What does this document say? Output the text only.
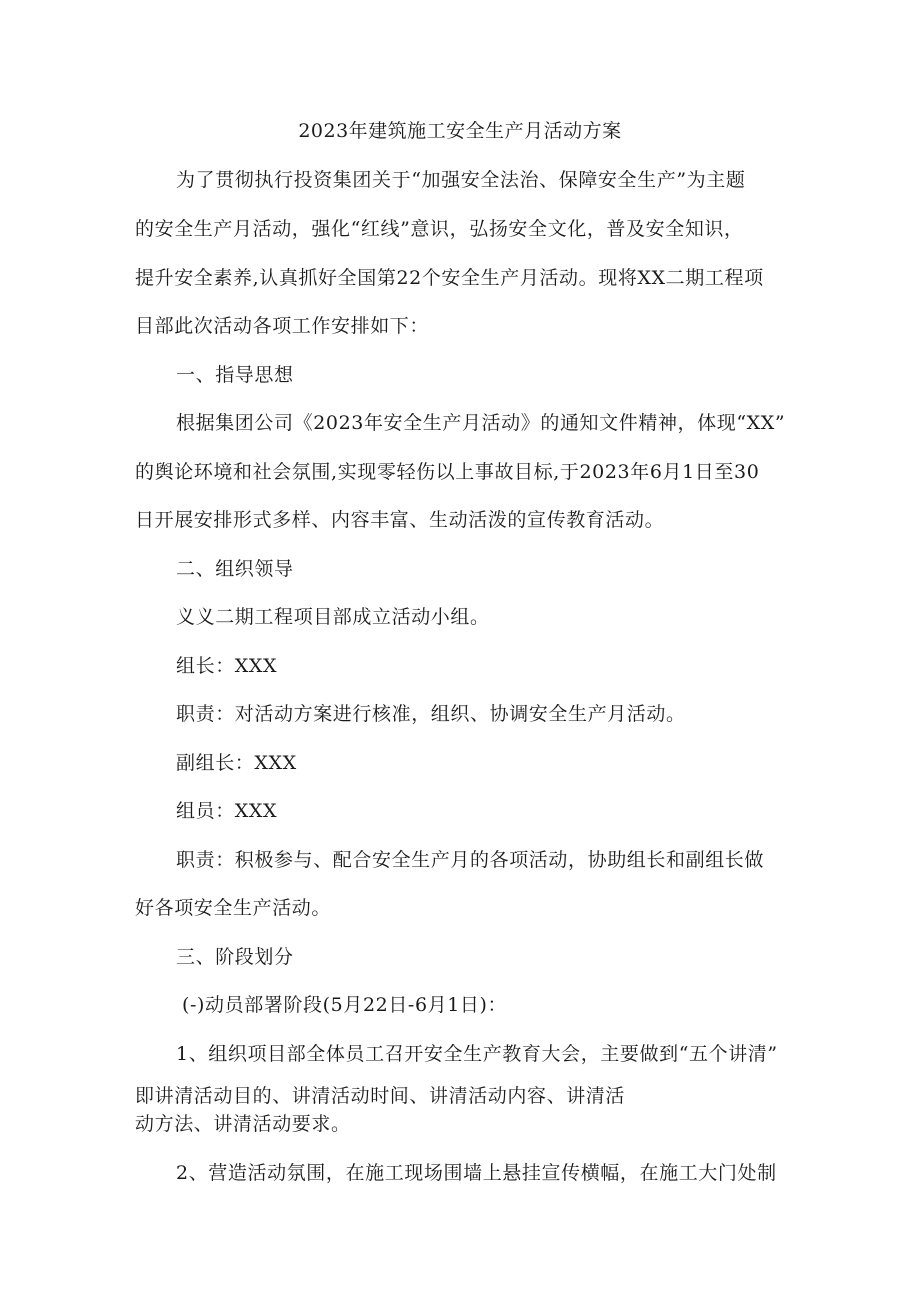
2023年建筑施工安全生产月活动方案
为了贯彻执行投资集团关于“加强安全法治、保障安全生产”为主题
的安全生产月活动，强化“红线”意识，弘扬安全文化，普及安全知识，
提升安全素养,认真抓好全国第22个安全生产月活动。现将XX二期工程项
目部此次活动各项工作安排如下：
一、指导思想
根据集团公司《2023年安全生产月活动》的通知文件精神，体现“XX”
的舆论环境和社会氛围,实现零轻伤以上事故目标,于2023年6月1日至30
日开展安排形式多样、内容丰富、生动活泼的宣传教育活动。
二、组织领导
义义二期工程项目部成立活动小组。
组长：XXX
职责：对活动方案进行核准，组织、协调安全生产月活动。
副组长：XXX
组员：XXX
职责：积极参与、配合安全生产月的各项活动，协助组长和副组长做
好各项安全生产活动。
三、阶段划分
(-)动员部署阶段(5月22日-6月1日)：
1、组织项目部全体员工召开安全生产教育大会，主要做到“五个讲清”
即讲清活动目的、讲清活动时间、讲清活动内容、讲清活
动方法、讲清活动要求。
2、营造活动氛围，在施工现场围墙上悬挂宣传横幅，在施工大门处制
